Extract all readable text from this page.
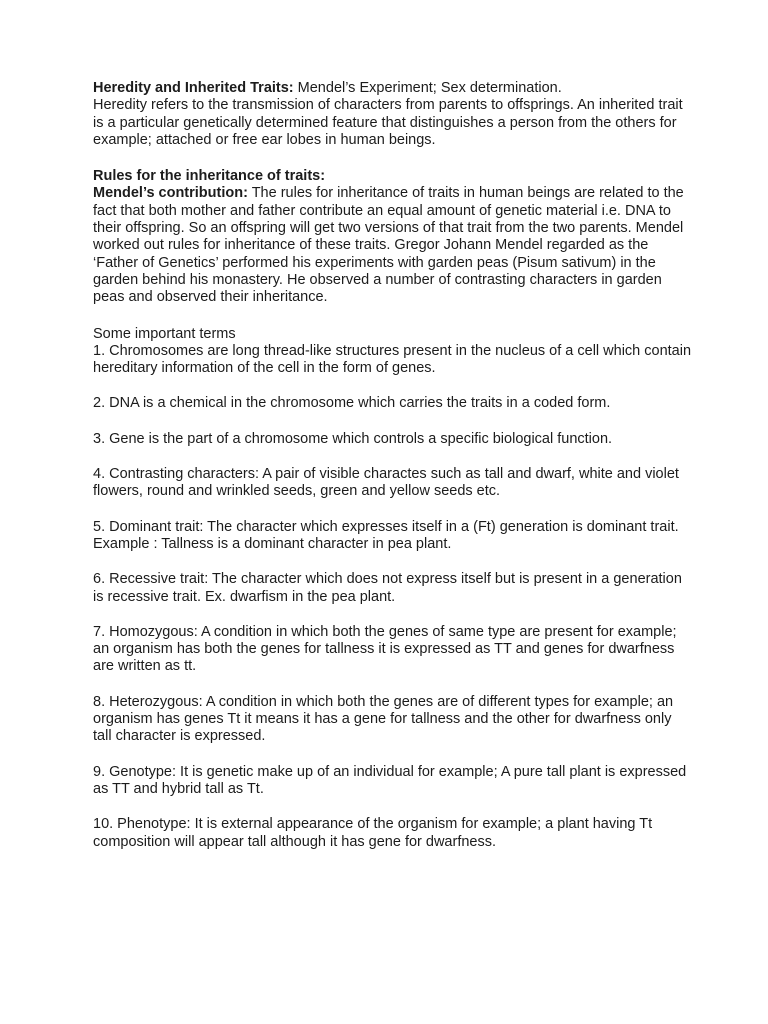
Heredity and Inherited Traits: Mendel’s Experiment; Sex determination.

Heredity refers to the transmission of characters from parents to offsprings. An inherited trait is a particular genetically determined feature that distinguishes a person from the others for example; attached or free ear lobes in human beings.

Rules for the inheritance of traits:

Mendel’s contribution: The rules for inheritance of traits in human beings are related to the fact that both mother and father contribute an equal amount of genetic material i.e. DNA to their offspring. So an offspring will get two versions of that trait from the two parents. Mendel worked out rules for inheritance of these traits. Gregor Johann Mendel regarded as the ‘Father of Genetics’ performed his experiments with garden peas (Pisum sativum) in the garden behind his monastery. He observed a number of contrasting characters in garden peas and observed their inheritance.

Some important terms

1. Chromosomes are long thread-like structures present in the nucleus of a cell which contain hereditary information of the cell in the form of genes.

2. DNA is a chemical in the chromosome which carries the traits in a coded form.

3. Gene is the part of a chromosome which controls a specific biological function.

4. Contrasting characters: A pair of visible charactes such as tall and dwarf, white and violet flowers, round and wrinkled seeds, green and yellow seeds etc.

5. Dominant trait: The character which expresses itself in a (Ft) generation is dominant trait. Example : Tallness is a dominant character in pea plant.

6. Recessive trait: The character which does not express itself but is present in a generation is recessive trait. Ex. dwarfism in the pea plant.

7. Homozygous: A condition in which both the genes of same type are present for example; an organism has both the genes for tallness it is expressed as TT and genes for dwarfness are written as tt.

8. Heterozygous: A condition in which both the genes are of different types for example; an organism has genes Tt it means it has a gene for tallness and the other for dwarfness only tall character is expressed.

9. Genotype: It is genetic make up of an individual for example; A pure tall plant is expressed as TT and hybrid tall as Tt.

10. Phenotype: It is external appearance of the organism for example; a plant having Tt composition will appear tall although it has gene for dwarfness.
